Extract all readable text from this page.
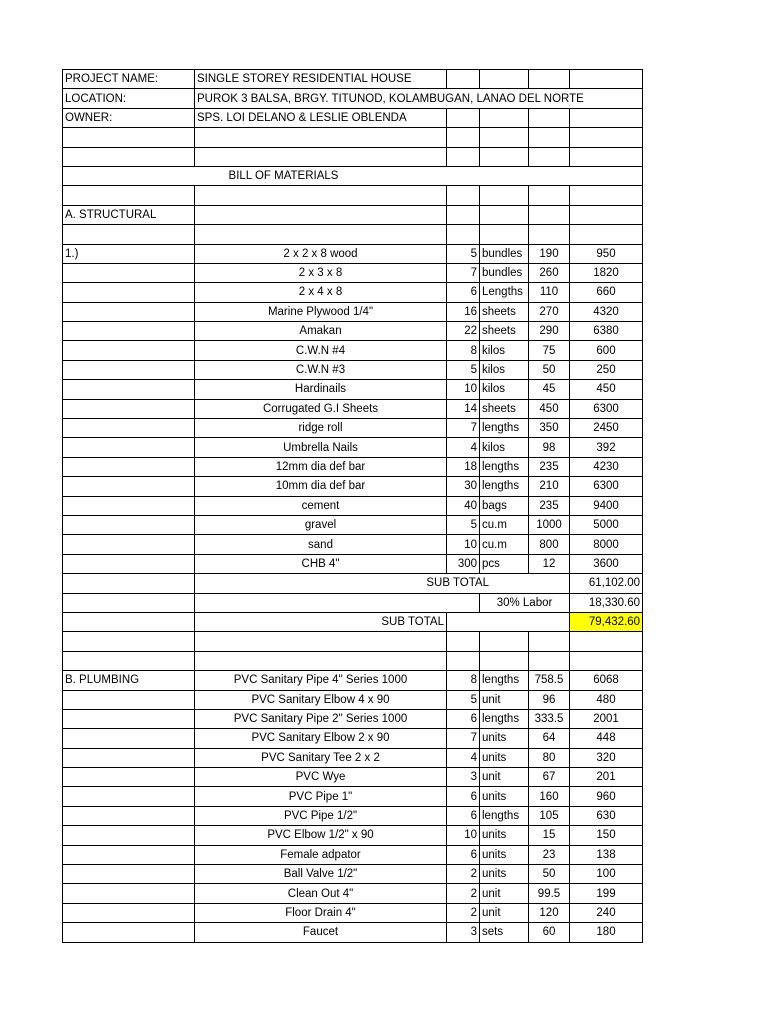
PROJECT NAME:	SINGLE STOREY RESIDENTIAL HOUSE				
LOCATION:	PUROK 3 BALSA, BRGY. TITUNOD, KOLAMBUGAN, LANAO DEL NORTE				
OWNER:	SPS. LOI DELANO & LESLIE OBLENDA				

BILL OF MATERIALS					

A. STRUCTURAL					

1.)	2 x 2 x 8 wood	5	bundles	190	950
	2 x 3 x 8	7	bundles	260	1820
	2 x 4 x 8	6	Lengths	110	660
	Marine Plywood 1/4"	16	sheets	270	4320
	Amakan	22	sheets	290	6380
	C.W.N #4	8	kilos	75	600
	C.W.N #3	5	kilos	50	250
	Hardinails	10	kilos	45	450
	Corrugated G.I Sheets	14	sheets	450	6300
	ridge roll	7	lengths	350	2450
	Umbrella Nails	4	kilos	98	392
	12mm dia def bar	18	lengths	235	4230
	10mm dia def bar	30	lengths	210	6300
	cement	40	bags	235	9400
	gravel	5	cu.m	1000	5000
	sand	10	cu.m	800	8000
	CHB 4"	300	pcs	12	3600
	SUB TOTAL				61,102.00
			30% Labor		18,330.60
	SUB TOTAL				79,432.60

B. PLUMBING	PVC Sanitary Pipe 4" Series 1000	8	lengths	758.5	6068
	PVC Sanitary Elbow 4 x 90	5	unit	96	480
	PVC Sanitary Pipe 2" Series 1000	6	lengths	333.5	2001
	PVC Sanitary Elbow 2 x 90	7	units	64	448
	PVC Sanitary Tee 2 x 2	4	units	80	320
	PVC Wye	3	unit	67	201
	PVC Pipe 1"	6	units	160	960
	PVC Pipe 1/2"	6	lengths	105	630
	PVC Elbow 1/2" x 90	10	units	15	150
	Female adpator	6	units	23	138
	Ball Valve 1/2"	2	units	50	100
	Clean Out 4"	2	unit	99.5	199
	Floor Drain 4"	2	unit	120	240
	Faucet	3	sets	60	180
